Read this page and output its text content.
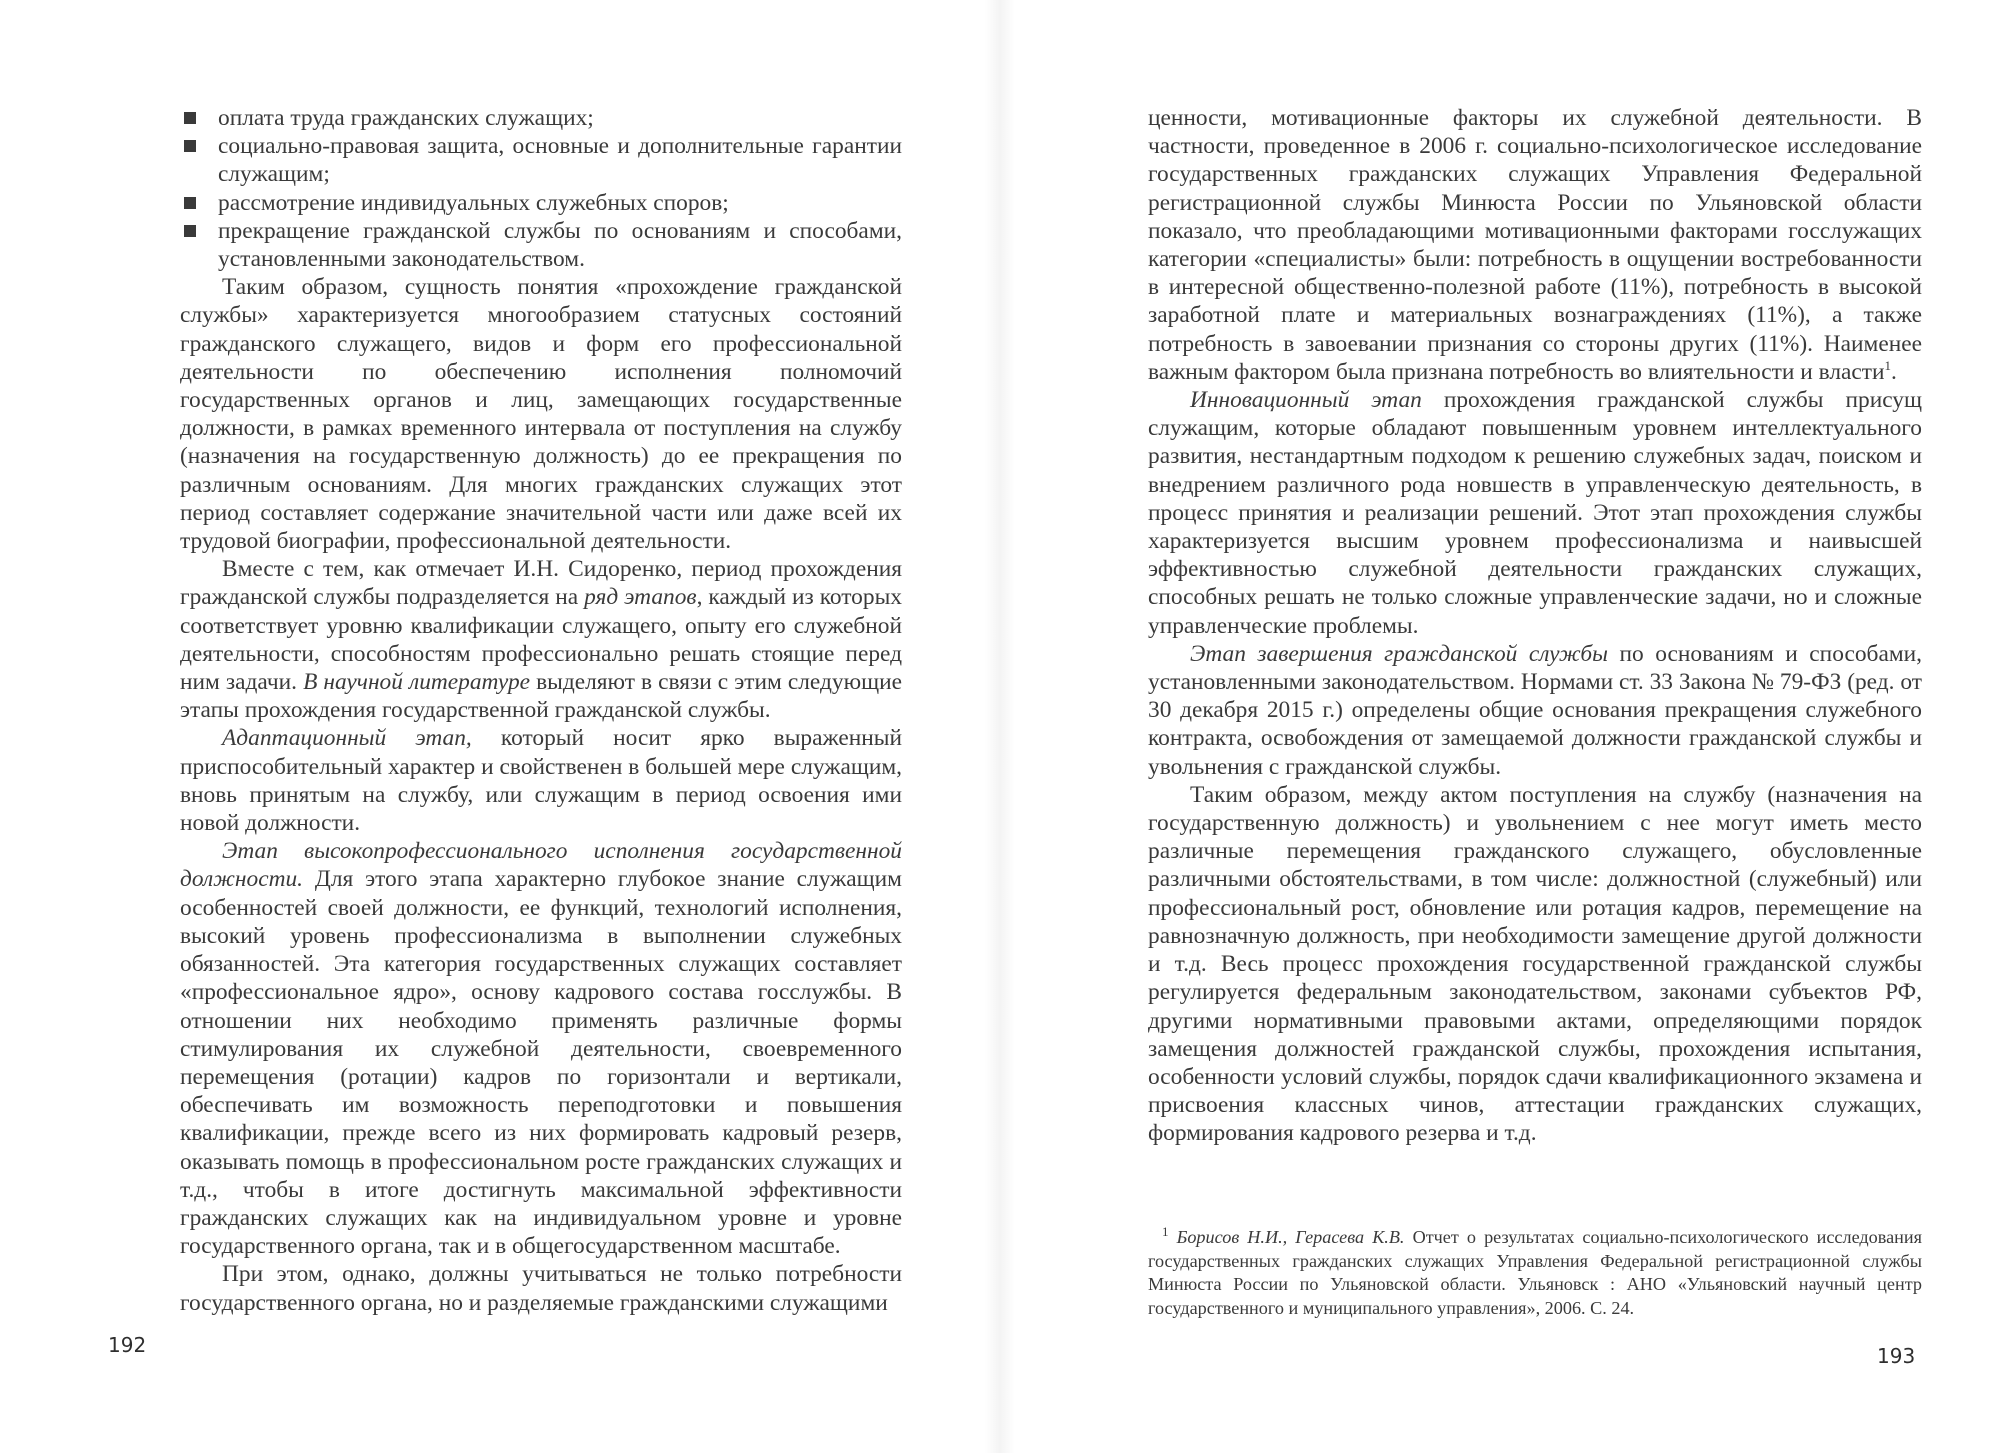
оплата труда гражданских служащих;
социально-правовая защита, основные и дополнительные гарантии служащим;
рассмотрение индивидуальных служебных споров;
прекращение гражданской службы по основаниям и способами, установленными законодательством.

Таким образом, сущность понятия «прохождение гражданской службы» характеризуется многообразием статусных состояний гражданского служащего, видов и форм его профессиональной деятельности по обеспечению исполнения полномочий государственных органов и лиц, замещающих государственные должности, в рамках временного интервала от поступления на службу (назначения на государственную должность) до ее прекращения по различным основаниям. Для многих гражданских служащих этот период составляет содержание значительной части или даже всей их трудовой биографии, профессиональной деятельности.

Вместе с тем, как отмечает И.Н. Сидоренко, период прохождения гражданской службы подразделяется на ряд этапов, каждый из которых соответствует уровню квалификации служащего, опыту его служебной деятельности, способностям профессионально решать стоящие перед ним задачи. В научной литературе выделяют в связи с этим следующие этапы прохождения государственной гражданской службы.

Адаптационный этап, который носит ярко выраженный приспособительный характер и свойственен в большей мере служащим, вновь принятым на службу, или служащим в период освоения ими новой должности.

Этап высокопрофессионального исполнения государственной должности. Для этого этапа характерно глубокое знание служащим особенностей своей должности, ее функций, технологий исполнения, высокий уровень профессионализма в выполнении служебных обязанностей. Эта категория государственных служащих составляет «профессиональное ядро», основу кадрового состава госслужбы. В отношении них необходимо применять различные формы стимулирования их служебной деятельности, своевременного перемещения (ротации) кадров по горизонтали и вертикали, обеспечивать им возможность переподготовки и повышения квалификации, прежде всего из них формировать кадровый резерв, оказывать помощь в профессиональном росте гражданских служащих и т.д., чтобы в итоге достигнуть максимальной эффективности гражданских служащих как на индивидуальном уровне и уровне государственного органа, так и в общегосударственном масштабе.

При этом, однако, должны учитываться не только потребности государственного органа, но и разделяемые гражданскими служащими

192

ценности, мотивационные факторы их служебной деятельности. В частности, проведенное в 2006 г. социально-психологическое исследование государственных гражданских служащих Управления Федеральной регистрационной службы Минюста России по Ульяновской области показало, что преобладающими мотивационными факторами госслужащих категории «специалисты» были: потребность в ощущении востребованности в интересной общественно-полезной работе (11%), потребность в высокой заработной плате и материальных вознаграждениях (11%), а также потребность в завоевании признания со стороны других (11%). Наименее важным фактором была признана потребность во влиятельности и власти$^1$.

Инновационный этап прохождения гражданской службы присущ служащим, которые обладают повышенным уровнем интеллектуального развития, нестандартным подходом к решению служебных задач, поиском и внедрением различного рода новшеств в управленческую деятельность, в процесс принятия и реализации решений. Этот этап прохождения службы характеризуется высшим уровнем профессионализма и наивысшей эффективностью служебной деятельности гражданских служащих, способных решать не только сложные управленческие задачи, но и сложные управленческие проблемы.

Этап завершения гражданской службы по основаниям и способами, установленными законодательством. Нормами ст. 33 Закона № 79-ФЗ (ред. от 30 декабря 2015 г.) определены общие основания прекращения служебного контракта, освобождения от замещаемой должности гражданской службы и увольнения с гражданской службы.

Таким образом, между актом поступления на службу (назначения на государственную должность) и увольнением с нее могут иметь место различные перемещения гражданского служащего, обусловленные различными обстоятельствами, в том числе: должностной (служебный) или профессиональный рост, обновление или ротация кадров, перемещение на равнозначную должность, при необходимости замещение другой должности и т.д. Весь процесс прохождения государственной гражданской службы регулируется федеральным законодательством, законами субъектов РФ, другими нормативными правовыми актами, определяющими порядок замещения должностей гражданской службы, прохождения испытания, особенности условий службы, порядок сдачи квалификационного экзамена и присвоения классных чинов, аттестации гражданских служащих, формирования кадрового резерва и т.д.

$^1$ Борисов Н.И., Герасева К.В. Отчет о результатах социально-психологического исследования государственных гражданских служащих Управления Федеральной регистрационной службы Минюста России по Ульяновской области. Ульяновск : АНО «Ульяновский научный центр государственного и муниципального управления», 2006. С. 24.
193
